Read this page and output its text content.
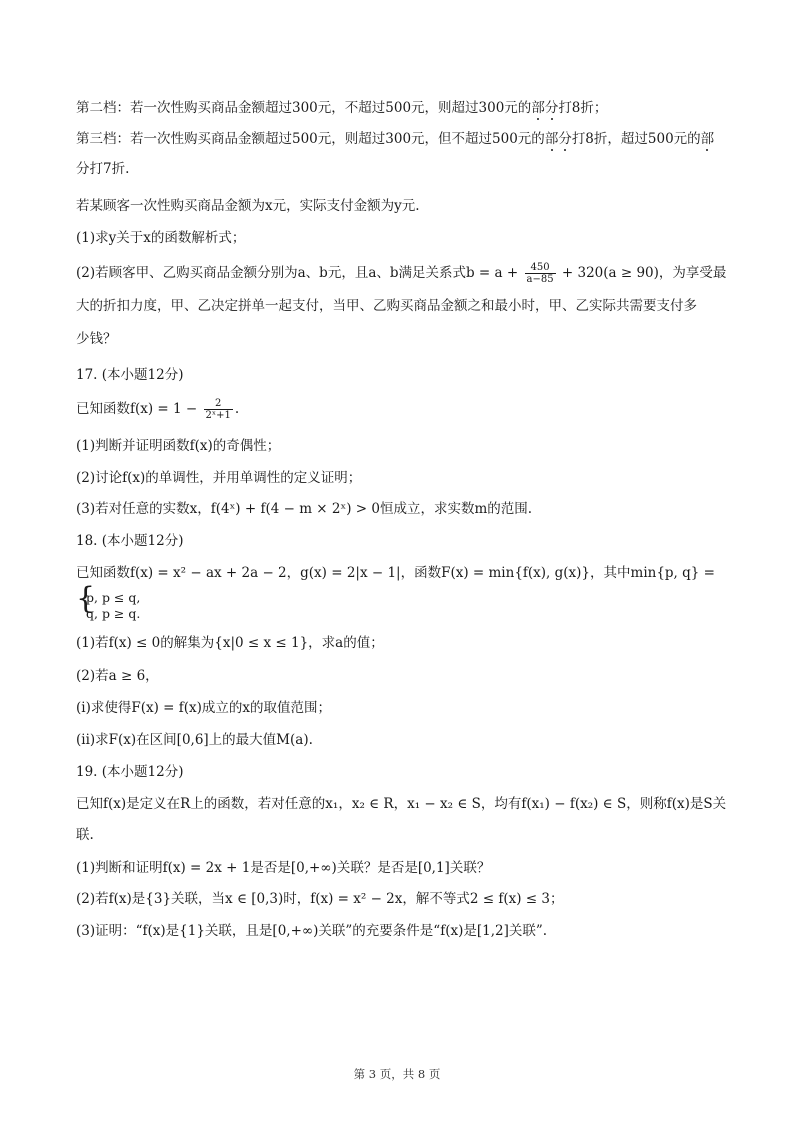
第二档：若一次性购买商品金额超过300元，不超过500元，则超过300元的部分打8折；
第三档：若一次性购买商品金额超过500元，则超过300元，但不超过500元的部分打8折，超过500元的部
分打7折.
若某顾客一次性购买商品金额为x元，实际支付金额为y元.
(1)求y关于x的函数解析式；
(2)若顾客甲、乙购买商品金额分别为a、b元，且a、b满足关系式$b = a + \frac{450}{a-85} + 320(a \ge 90)$，为享受最
大的折扣力度，甲、乙决定拼单一起支付，当甲、乙购买商品金额之和最小时，甲、乙实际共需要支付多
少钱？
17. (本小题12分)
已知函数$f(x) = 1 - \frac{2}{\text{2ˣ+1}}$ .
(1)判断并证明函数f(x)的奇偶性；
(2)讨论f(x)的单调性，并用单调性的定义证明；
(3)若对任意的实数x，f(4ˣ) + f(4 − m × 2ˣ) > 0恒成立，求实数m的范围.
18. (本小题12分)
已知函数f(x) = x² − ax + 2a − 2，g(x) = 2|x − 1|，函数F(x) = min{f(x), g(x)}，其中min{p, q} =
{
p, p ≤ q,
q, p ≥ q.
(1)若f(x) ≤ 0的解集为{x|0 ≤ x ≤ 1}，求a的值；
(2)若a ≥ 6，
(i)求使得F(x) = f(x)成立的x的取值范围；
(ii)求F(x)在区间[0,6]上的最大值M(a).
19. (本小题12分)
已知f(x)是定义在R上的函数，若对任意的x₁，x₂ ∈ R，x₁ − x₂ ∈ S，均有f(x₁) − f(x₂) ∈ S，则称f(x)是S关
联.
(1)判断和证明f(x) = 2x + 1是否是[0,+∞)关联？是否是[0,1]关联？
(2)若f(x)是{3}关联，当x ∈ [0,3)时，f(x) = x² − 2x，解不等式2 ≤ f(x) ≤ 3；
(3)证明：“f(x)是{1}关联，且是[0,+∞)关联”的充要条件是“f(x)是[1,2]关联”.
第 3 页，共 8 页
